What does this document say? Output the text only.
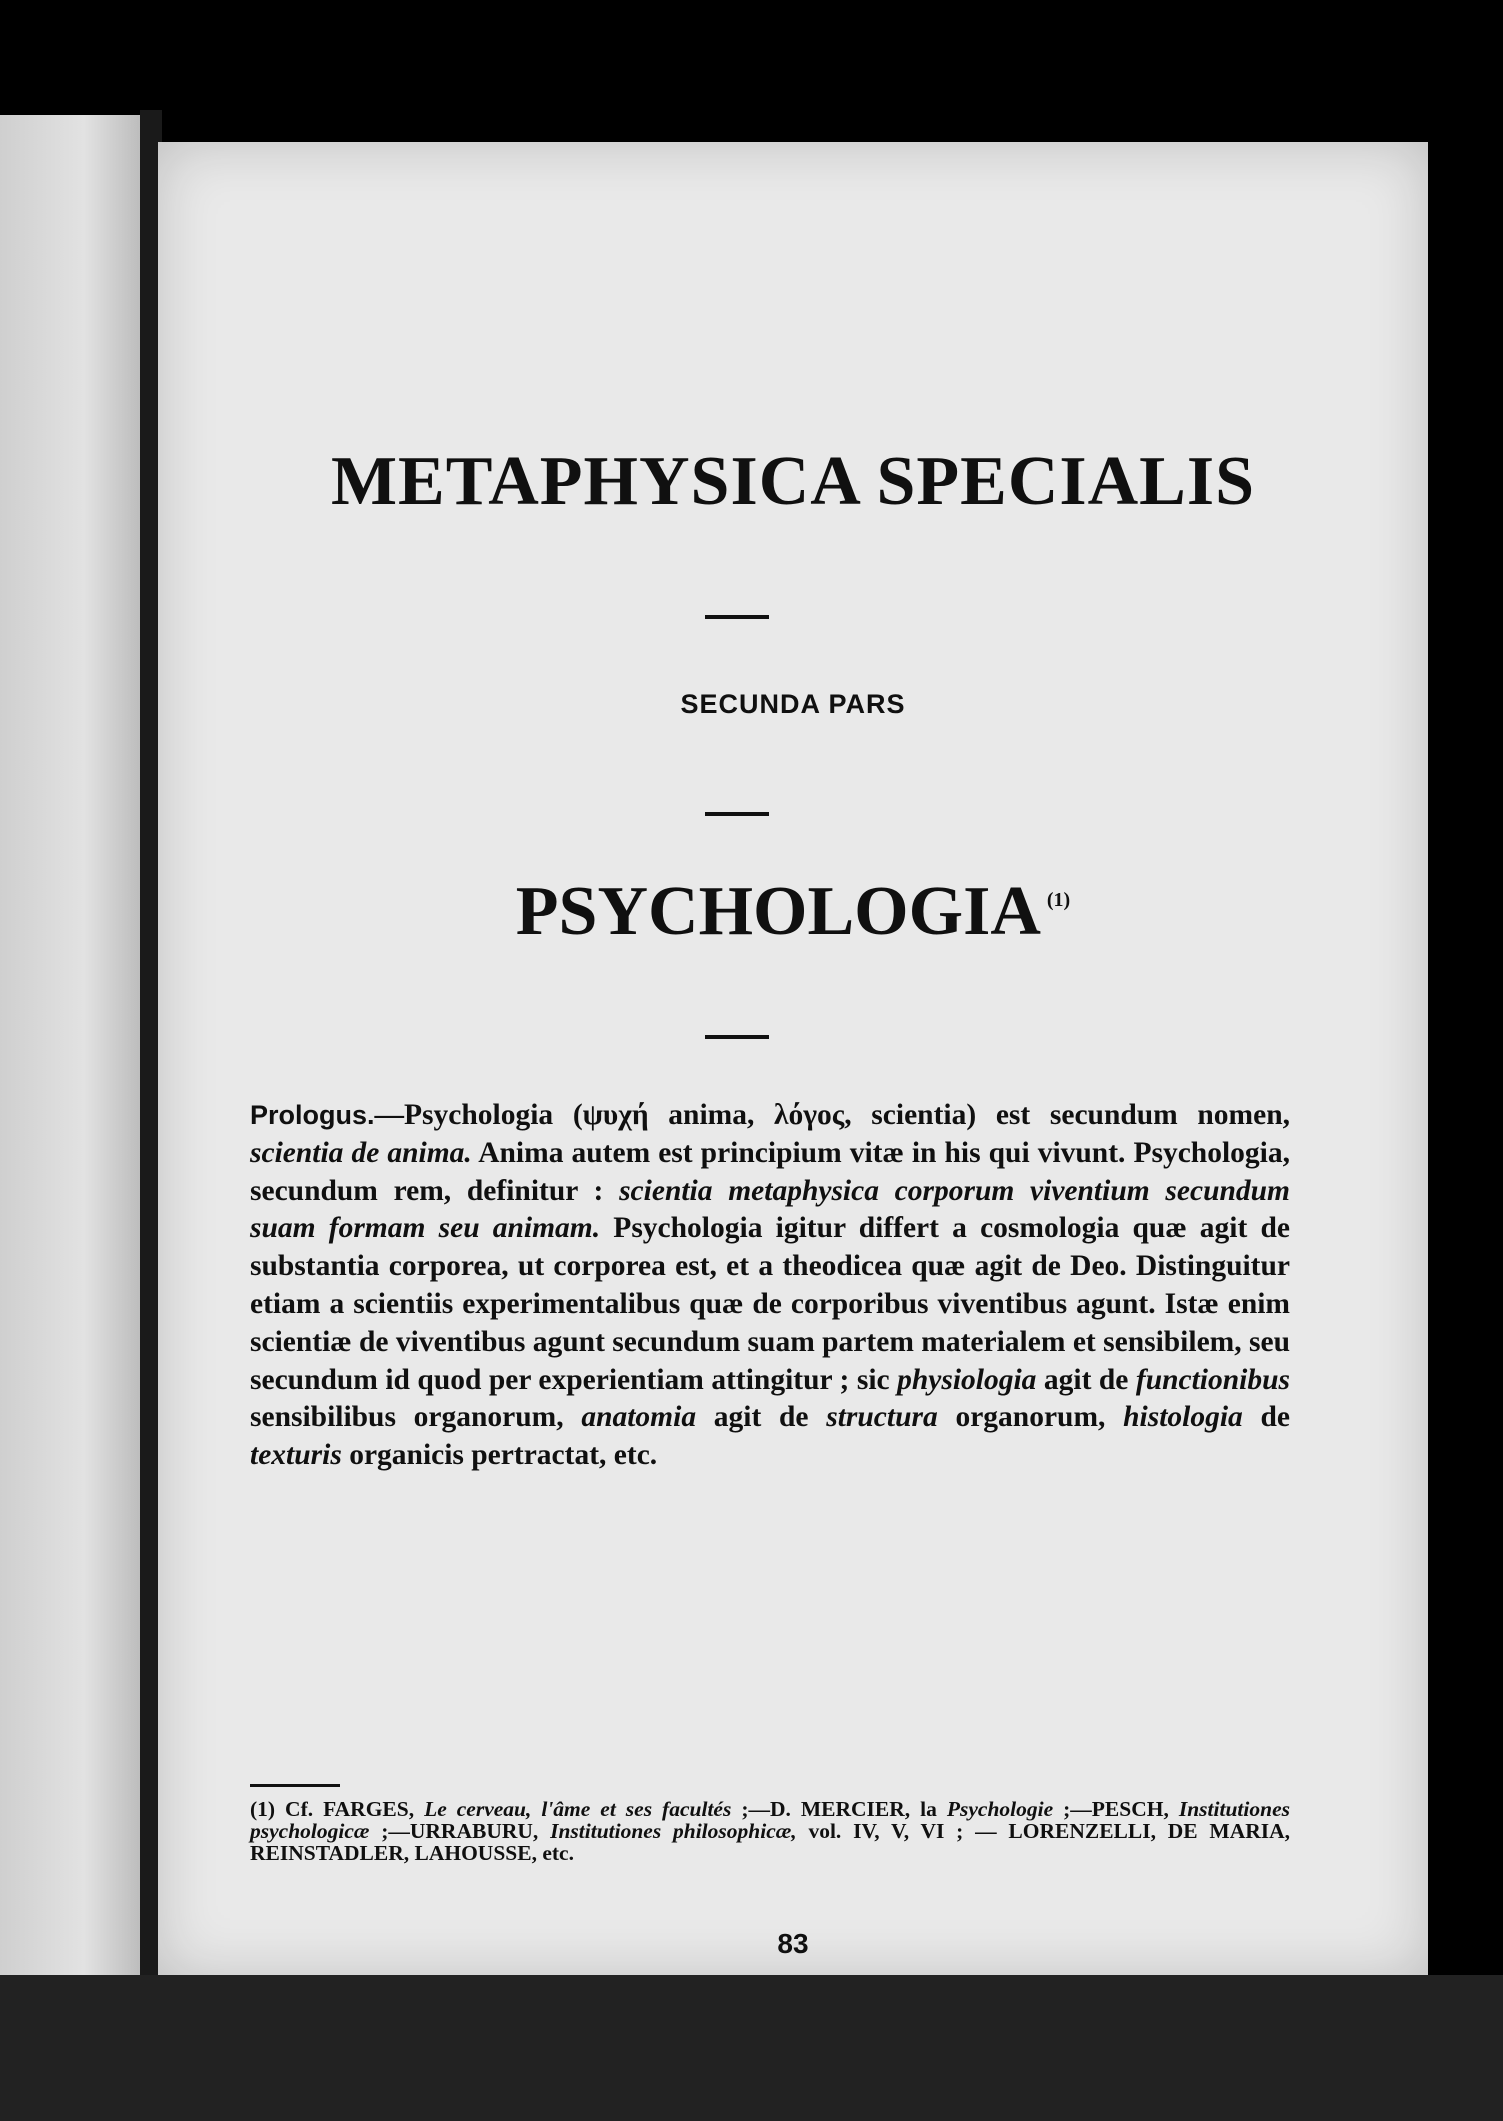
METAPHYSICA SPECIALIS
SECUNDA PARS
PSYCHOLOGIA $^{(1)}$
Prologus.—Psychologia (ψυχή anima, λόγος, scientia) est secundum nomen, scientia de anima. Anima autem est principium vitæ in his qui vivunt. Psychologia, secundum rem, definitur : scientia metaphysica corporum viventium secundum suam formam seu animam. Psychologia igitur differt a cosmologia quæ agit de substantia corporea, ut corporea est, et a theodicea quæ agit de Deo. Distinguitur etiam a scientiis experimentalibus quæ de corporibus viventibus agunt. Istæ enim scientiæ de viventibus agunt secundum suam partem materialem et sensibilem, seu secundum id quod per experientiam attingitur ; sic physiologia agit de functionibus sensibilibus organorum, anatomia agit de structura organorum, histologia de texturis organicis pertractat, etc.
(1) Cf. FARGES, Le cerveau, l'âme et ses facultés ;—D. MERCIER, la Psychologie ;—PESCH, Institutiones psychologicæ ;—URRABURU, Institutiones philosophicæ, vol. IV, V, VI ; — LORENZELLI, DE MARIA, REINSTADLER, LAHOUSSE, etc.
83
